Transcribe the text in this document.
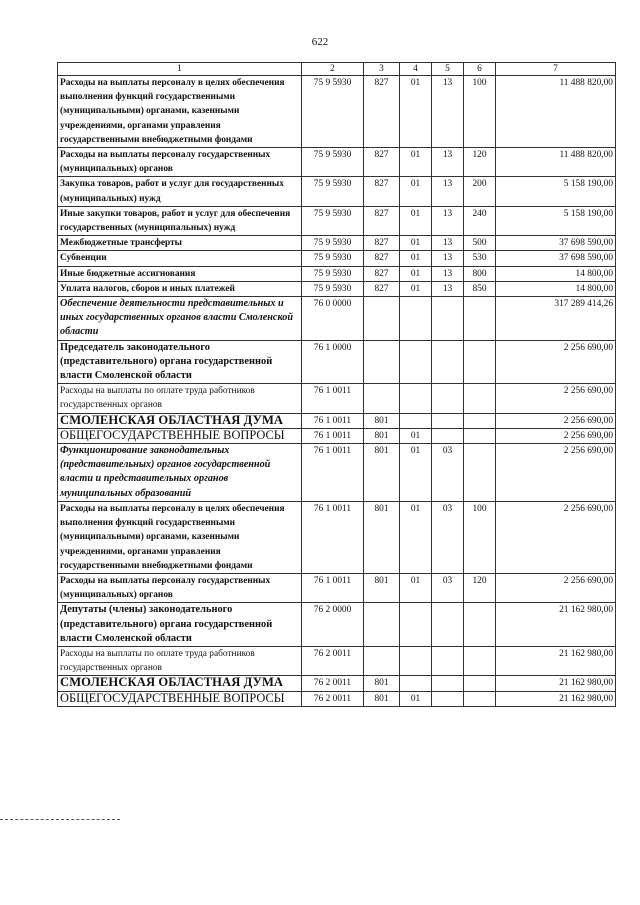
622
1	2	3	4	5	6	7
Расходы на выплаты персоналу в целях обеспечения выполнения функций государственными (муниципальными) органами, казенными учреждениями, органами управления государственными внебюджетными фондами	75 9 5930	827	01	13	100	11 488 820,00
Расходы на выплаты персоналу государственных (муниципальных) органов	75 9 5930	827	01	13	120	11 488 820,00
Закупка товаров, работ и услуг для государственных (муниципальных) нужд	75 9 5930	827	01	13	200	5 158 190,00
Иные закупки товаров, работ и услуг для обеспечения государственных (муниципальных) нужд	75 9 5930	827	01	13	240	5 158 190,00
Межбюджетные трансферты	75 9 5930	827	01	13	500	37 698 590,00
Субвенции	75 9 5930	827	01	13	530	37 698 590,00
Иные бюджетные ассигнования	75 9 5930	827	01	13	800	14 800,00
Уплата налогов, сборов и иных платежей	75 9 5930	827	01	13	850	14 800,00
Обеспечение деятельности представительных и иных государственных органов власти Смоленской области	76 0 0000					317 289 414,26
Председатель законодательного (представительного) органа государственной власти Смоленской области	76 1 0000					2 256 690,00
Расходы на выплаты по оплате труда работников государственных органов	76 1 0011					2 256 690,00
СМОЛЕНСКАЯ ОБЛАСТНАЯ ДУМА	76 1 0011	801				2 256 690,00
ОБЩЕГОСУДАРСТВЕННЫЕ ВОПРОСЫ	76 1 0011	801	01			2 256 690,00
Функционирование законодательных (представительных) органов государственной власти и представительных органов муниципальных образований	76 1 0011	801	01	03		2 256 690,00
Расходы на выплаты персоналу в целях обеспечения выполнения функций государственными (муниципальными) органами, казенными учреждениями, органами управления государственными внебюджетными фондами	76 1 0011	801	01	03	100	2 256 690,00
Расходы на выплаты персоналу государственных (муниципальных) органов	76 1 0011	801	01	03	120	2 256 690,00
Депутаты (члены) законодательного (представительного) органа государственной власти Смоленской области	76 2 0000					21 162 980,00
Расходы на выплаты по оплате труда работников государственных органов	76 2 0011					21 162 980,00
СМОЛЕНСКАЯ ОБЛАСТНАЯ ДУМА	76 2 0011	801				21 162 980,00
ОБЩЕГОСУДАРСТВЕННЫЕ ВОПРОСЫ	76 2 0011	801	01			21 162 980,00
